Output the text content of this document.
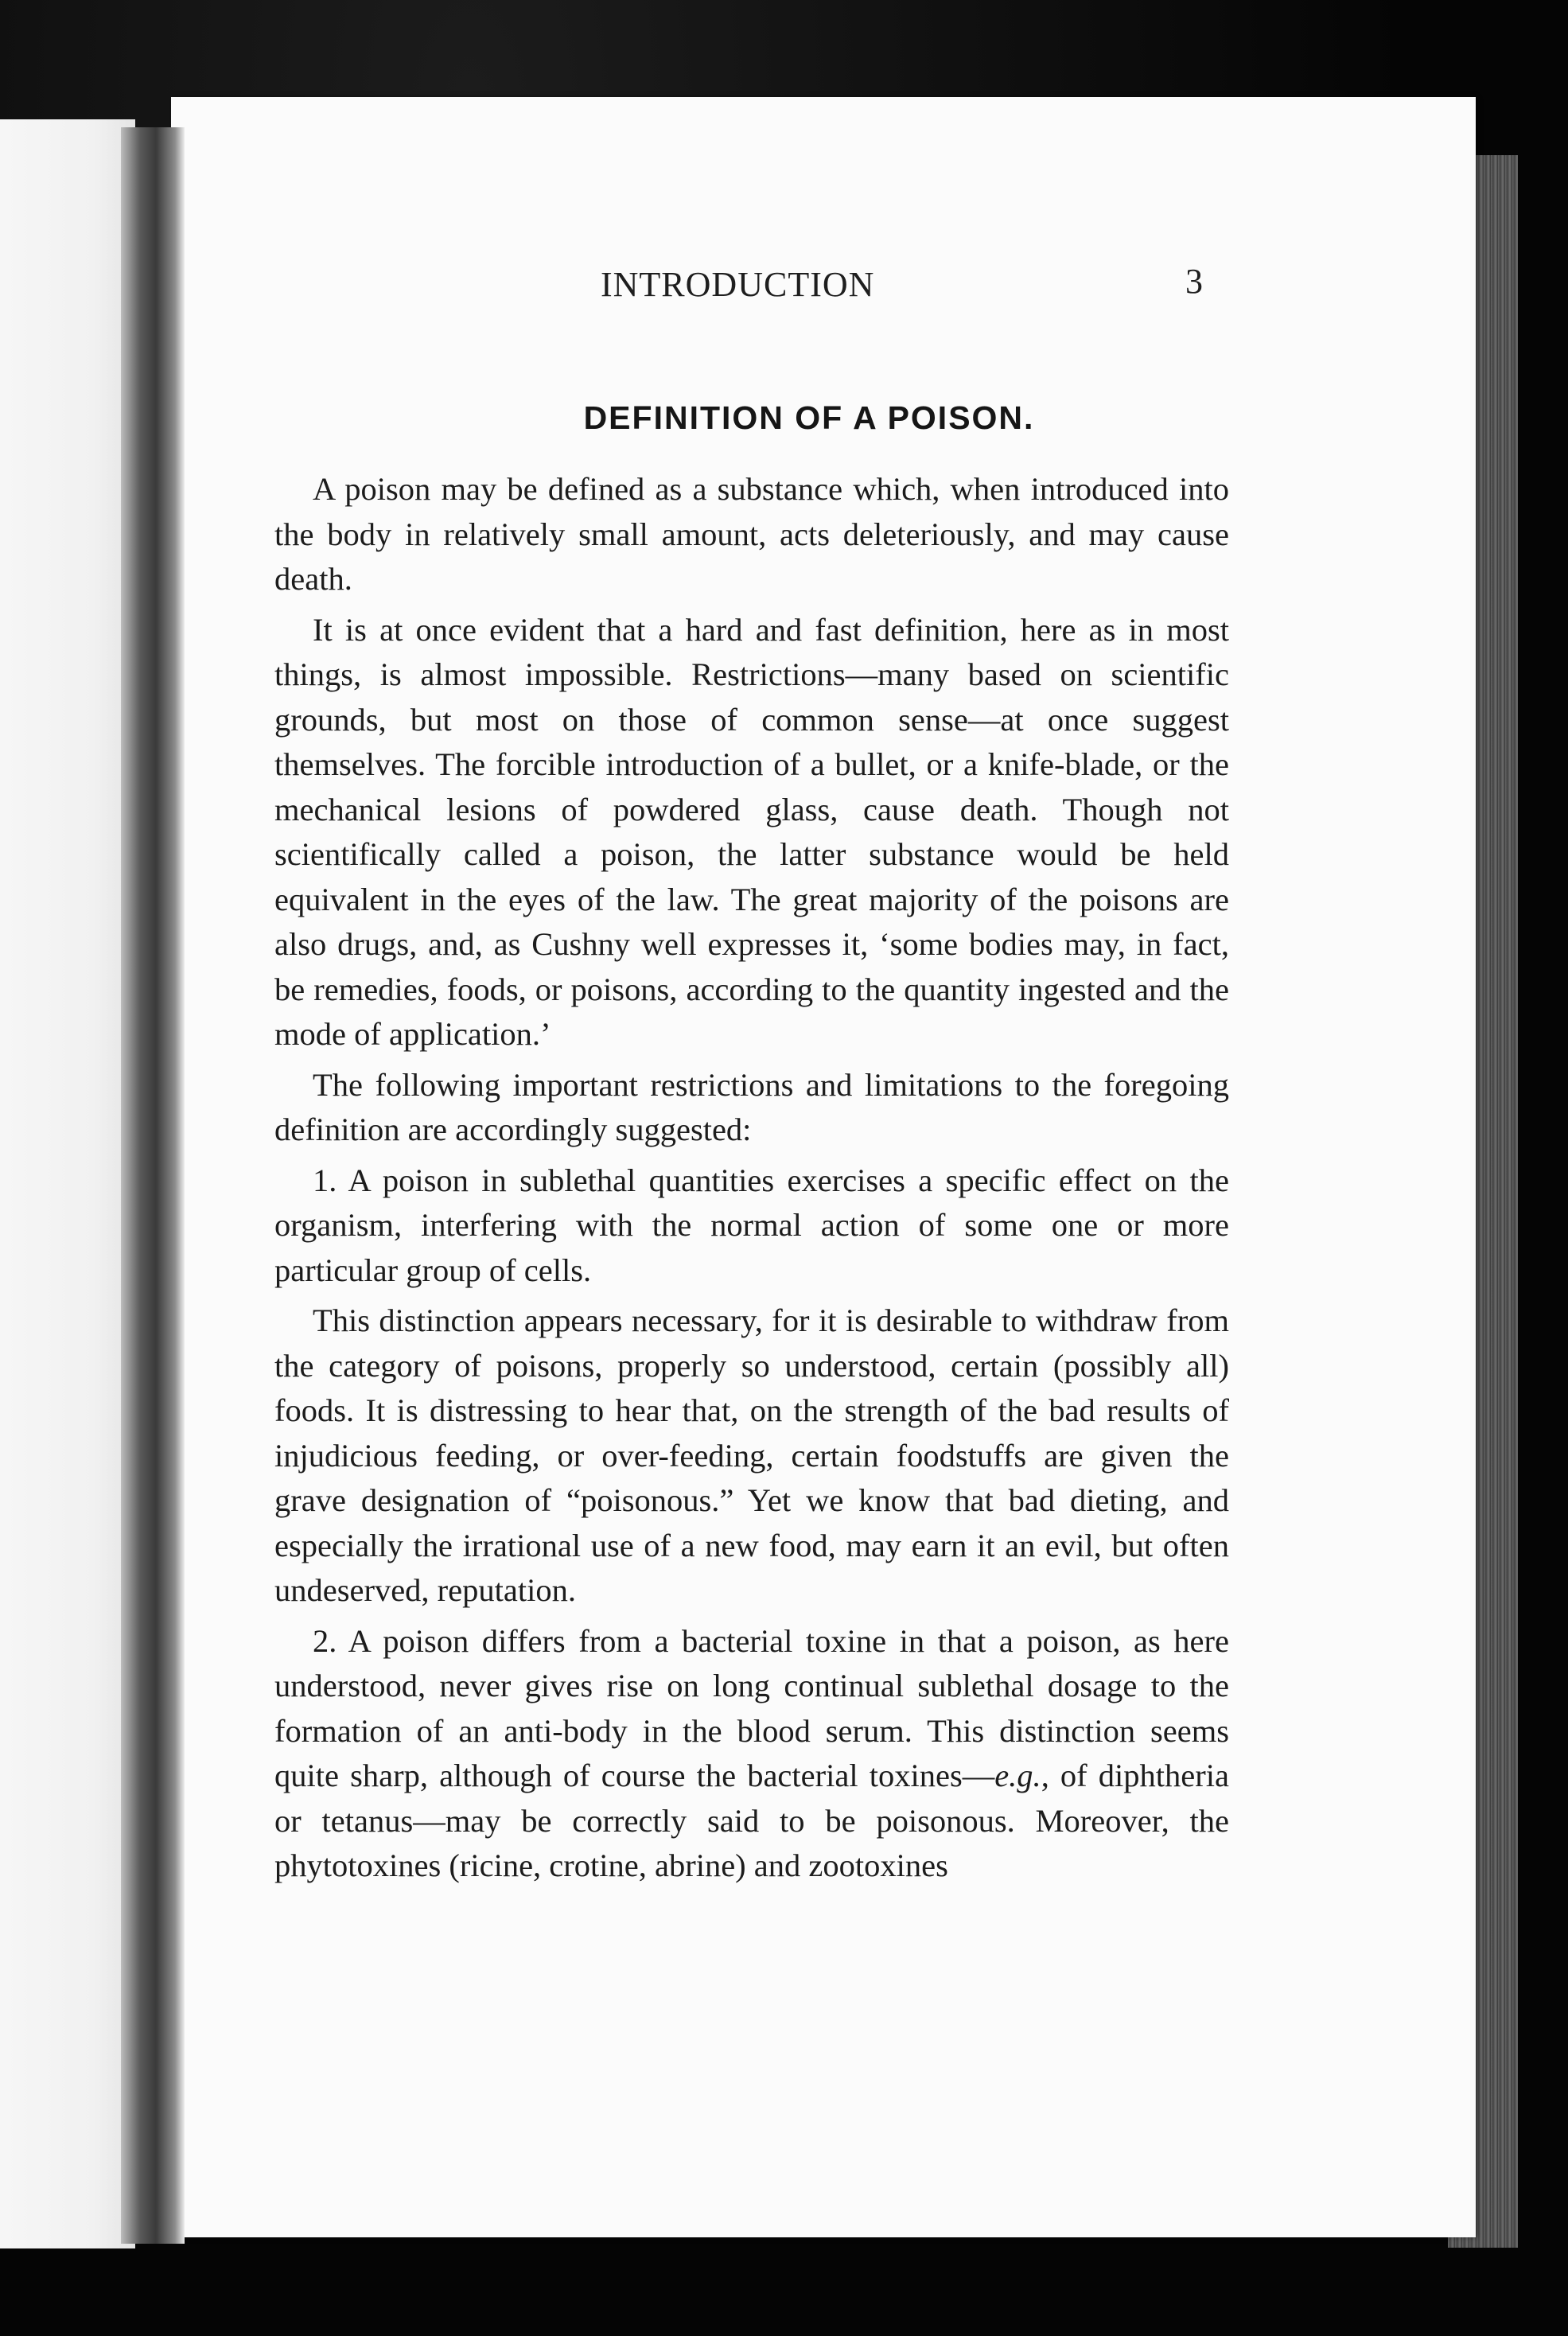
INTRODUCTION	3
DEFINITION OF A POISON.

A poison may be defined as a substance which, when introduced into the body in relatively small amount, acts deleteriously, and may cause death.

It is at once evident that a hard and fast definition, here as in most things, is almost impossible. Restrictions—many based on scientific grounds, but most on those of common sense—at once suggest themselves. The forcible introduction of a bullet, or a knife-blade, or the mechanical lesions of powdered glass, cause death. Though not scientifically called a poison, the latter substance would be held equivalent in the eyes of the law. The great majority of the poisons are also drugs, and, as Cushny well expresses it, ‘some bodies may, in fact, be remedies, foods, or poisons, according to the quantity ingested and the mode of application.’

The following important restrictions and limitations to the foregoing definition are accordingly suggested:

1. A poison in sublethal quantities exercises a specific effect on the organism, interfering with the normal action of some one or more particular group of cells.

This distinction appears necessary, for it is desirable to withdraw from the category of poisons, properly so understood, certain (possibly all) foods. It is distressing to hear that, on the strength of the bad results of injudicious feeding, or over-feeding, certain foodstuffs are given the grave designation of “poisonous.” Yet we know that bad dieting, and especially the irrational use of a new food, may earn it an evil, but often undeserved, reputation.

2. A poison differs from a bacterial toxine in that a poison, as here understood, never gives rise on long continual sublethal dosage to the formation of an anti-body in the blood serum. This distinction seems quite sharp, although of course the bacterial toxines—e.g., of diphtheria or tetanus—may be correctly said to be poisonous. Moreover, the phytotoxines (ricine, crotine, abrine) and zootoxines
